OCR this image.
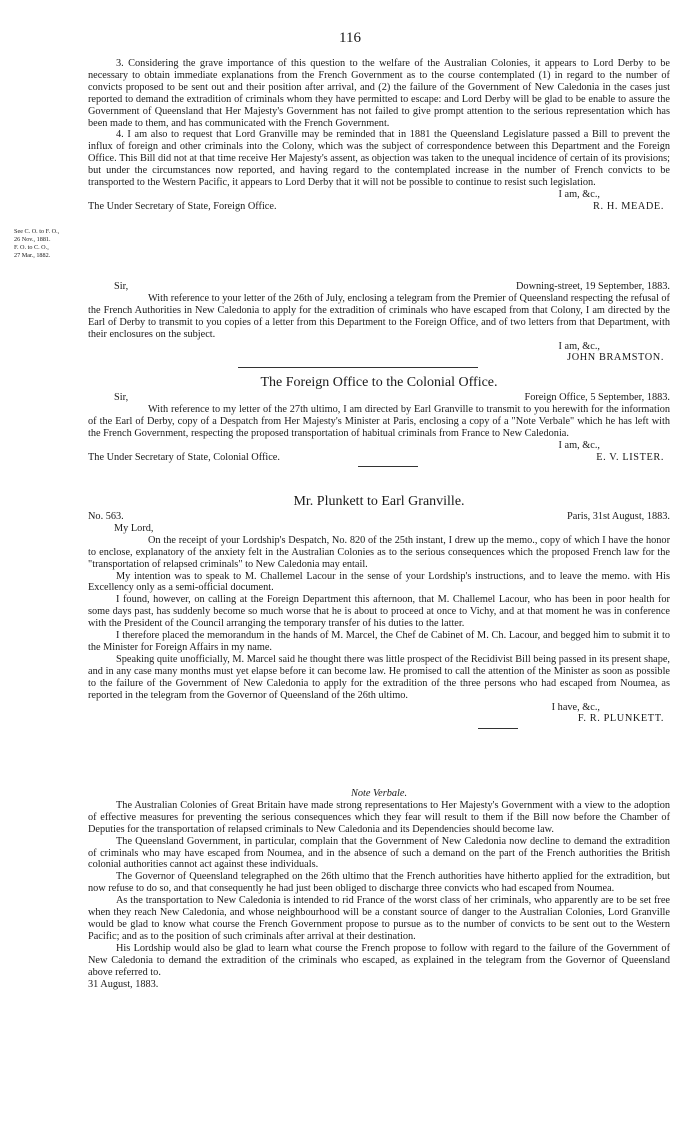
116
See C. O. to F. O.,
26 Nov., 1881.
F. O. to C. O.,
27 Mar., 1882.

3. Considering the grave importance of this question to the welfare of the Australian Colonies, it appears to Lord Derby to be necessary to obtain immediate explanations from the French Government as to the course contemplated (1) in regard to the number of convicts proposed to be sent out and their position after arrival, and (2) the failure of the Government of New Caledonia in the cases just reported to demand the extradition of criminals whom they have permitted to escape: and Lord Derby will be glad to be enable to assure the Government of Queensland that Her Majesty's Government has not failed to give prompt attention to the serious representation which has been made to them, and has communicated with the French Government.

4. I am also to request that Lord Granville may be reminded that in 1881 the Queensland Legislature passed a Bill to prevent the influx of foreign and other criminals into the Colony, which was the subject of correspondence between this Department and the Foreign Office. This Bill did not at that time receive Her Majesty's assent, as objection was taken to the unequal incidence of certain of its provisions; but under the circumstances now reported, and having regard to the contemplated increase in the number of French convicts to be transported to the Western Pacific, it appears to Lord Derby that it will not be possible to continue to resist such legislation.

I am, &c.,
The Under Secretary of State, Foreign Office.	R. H. MEADE.
Sir,	Downing-street, 19 September, 1883.

With reference to your letter of the 26th of July, enclosing a telegram from the Premier of Queensland respecting the refusal of the French Authorities in New Caledonia to apply for the extradition of criminals who have escaped from that Colony, I am directed by the Earl of Derby to transmit to you copies of a letter from this Department to the Foreign Office, and of two letters from that Department, with their enclosures on the subject.

I am, &c.,
JOHN BRAMSTON.
The Foreign Office to the Colonial Office.
Sir,	Foreign Office, 5 September, 1883.

With reference to my letter of the 27th ultimo, I am directed by Earl Granville to transmit to you herewith for the information of the Earl of Derby, copy of a Despatch from Her Majesty's Minister at Paris, enclosing a copy of a "Note Verbale" which he has left with the French Government, respecting the proposed transportation of habitual criminals from France to New Caledonia.

I am, &c.,
The Under Secretary of State, Colonial Office.	E. V. LISTER.
Mr. Plunkett to Earl Granville.
No. 563.	Paris, 31st August, 1883.
My Lord,

On the receipt of your Lordship's Despatch, No. 820 of the 25th instant, I drew up the memo., copy of which I have the honor to enclose, explanatory of the anxiety felt in the Australian Colonies as to the serious consequences which the proposed French law for the "transportation of relapsed criminals" to New Caledonia may entail.

My intention was to speak to M. Challemel Lacour in the sense of your Lordship's instructions, and to leave the memo. with His Excellency only as a semi-official document.

I found, however, on calling at the Foreign Department this afternoon, that M. Challemel Lacour, who has been in poor health for some days past, has suddenly become so much worse that he is about to proceed at once to Vichy, and at that moment he was in conference with the President of the Council arranging the temporary transfer of his duties to the latter.

I therefore placed the memorandum in the hands of M. Marcel, the Chef de Cabinet of M. Ch. Lacour, and begged him to submit it to the Minister for Foreign Affairs in my name.

Speaking quite unofficially, M. Marcel said he thought there was little prospect of the Recidivist Bill being passed in its present shape, and in any case many months must yet elapse before it can become law. He promised to call the attention of the Minister as soon as possible to the failure of the Government of New Caledonia to apply for the extradition of the three persons who had escaped from Noumea, as reported in the telegram from the Governor of Queensland of the 26th ultimo.

I have, &c.,
F. R. PLUNKETT.
Note Verbale.

The Australian Colonies of Great Britain have made strong representations to Her Majesty's Government with a view to the adoption of effective measures for preventing the serious consequences which they fear will result to them if the Bill now before the Chamber of Deputies for the transportation of relapsed criminals to New Caledonia and its Dependencies should become law.

The Queensland Government, in particular, complain that the Government of New Caledonia now decline to demand the extradition of criminals who may have escaped from Noumea, and in the absence of such a demand on the part of the French authorities the British colonial authorities cannot act against these individuals.

The Governor of Queensland telegraphed on the 26th ultimo that the French authorities have hitherto applied for the extradition, but now refuse to do so, and that consequently he had just been obliged to discharge three convicts who had escaped from Noumea.

As the transportation to New Caledonia is intended to rid France of the worst class of her criminals, who apparently are to be set free when they reach New Caledonia, and whose neighbourhood will be a constant source of danger to the Australian Colonies, Lord Granville would be glad to know what course the French Government propose to pursue as to the number of convicts to be sent out to the Western Pacific; and as to the position of such criminals after arrival at their destination.

His Lordship would also be glad to learn what course the French propose to follow with regard to the failure of the Government of New Caledonia to demand the extradition of the criminals who escaped, as explained in the telegram from the Governor of Queensland above referred to.

31 August, 1883.
